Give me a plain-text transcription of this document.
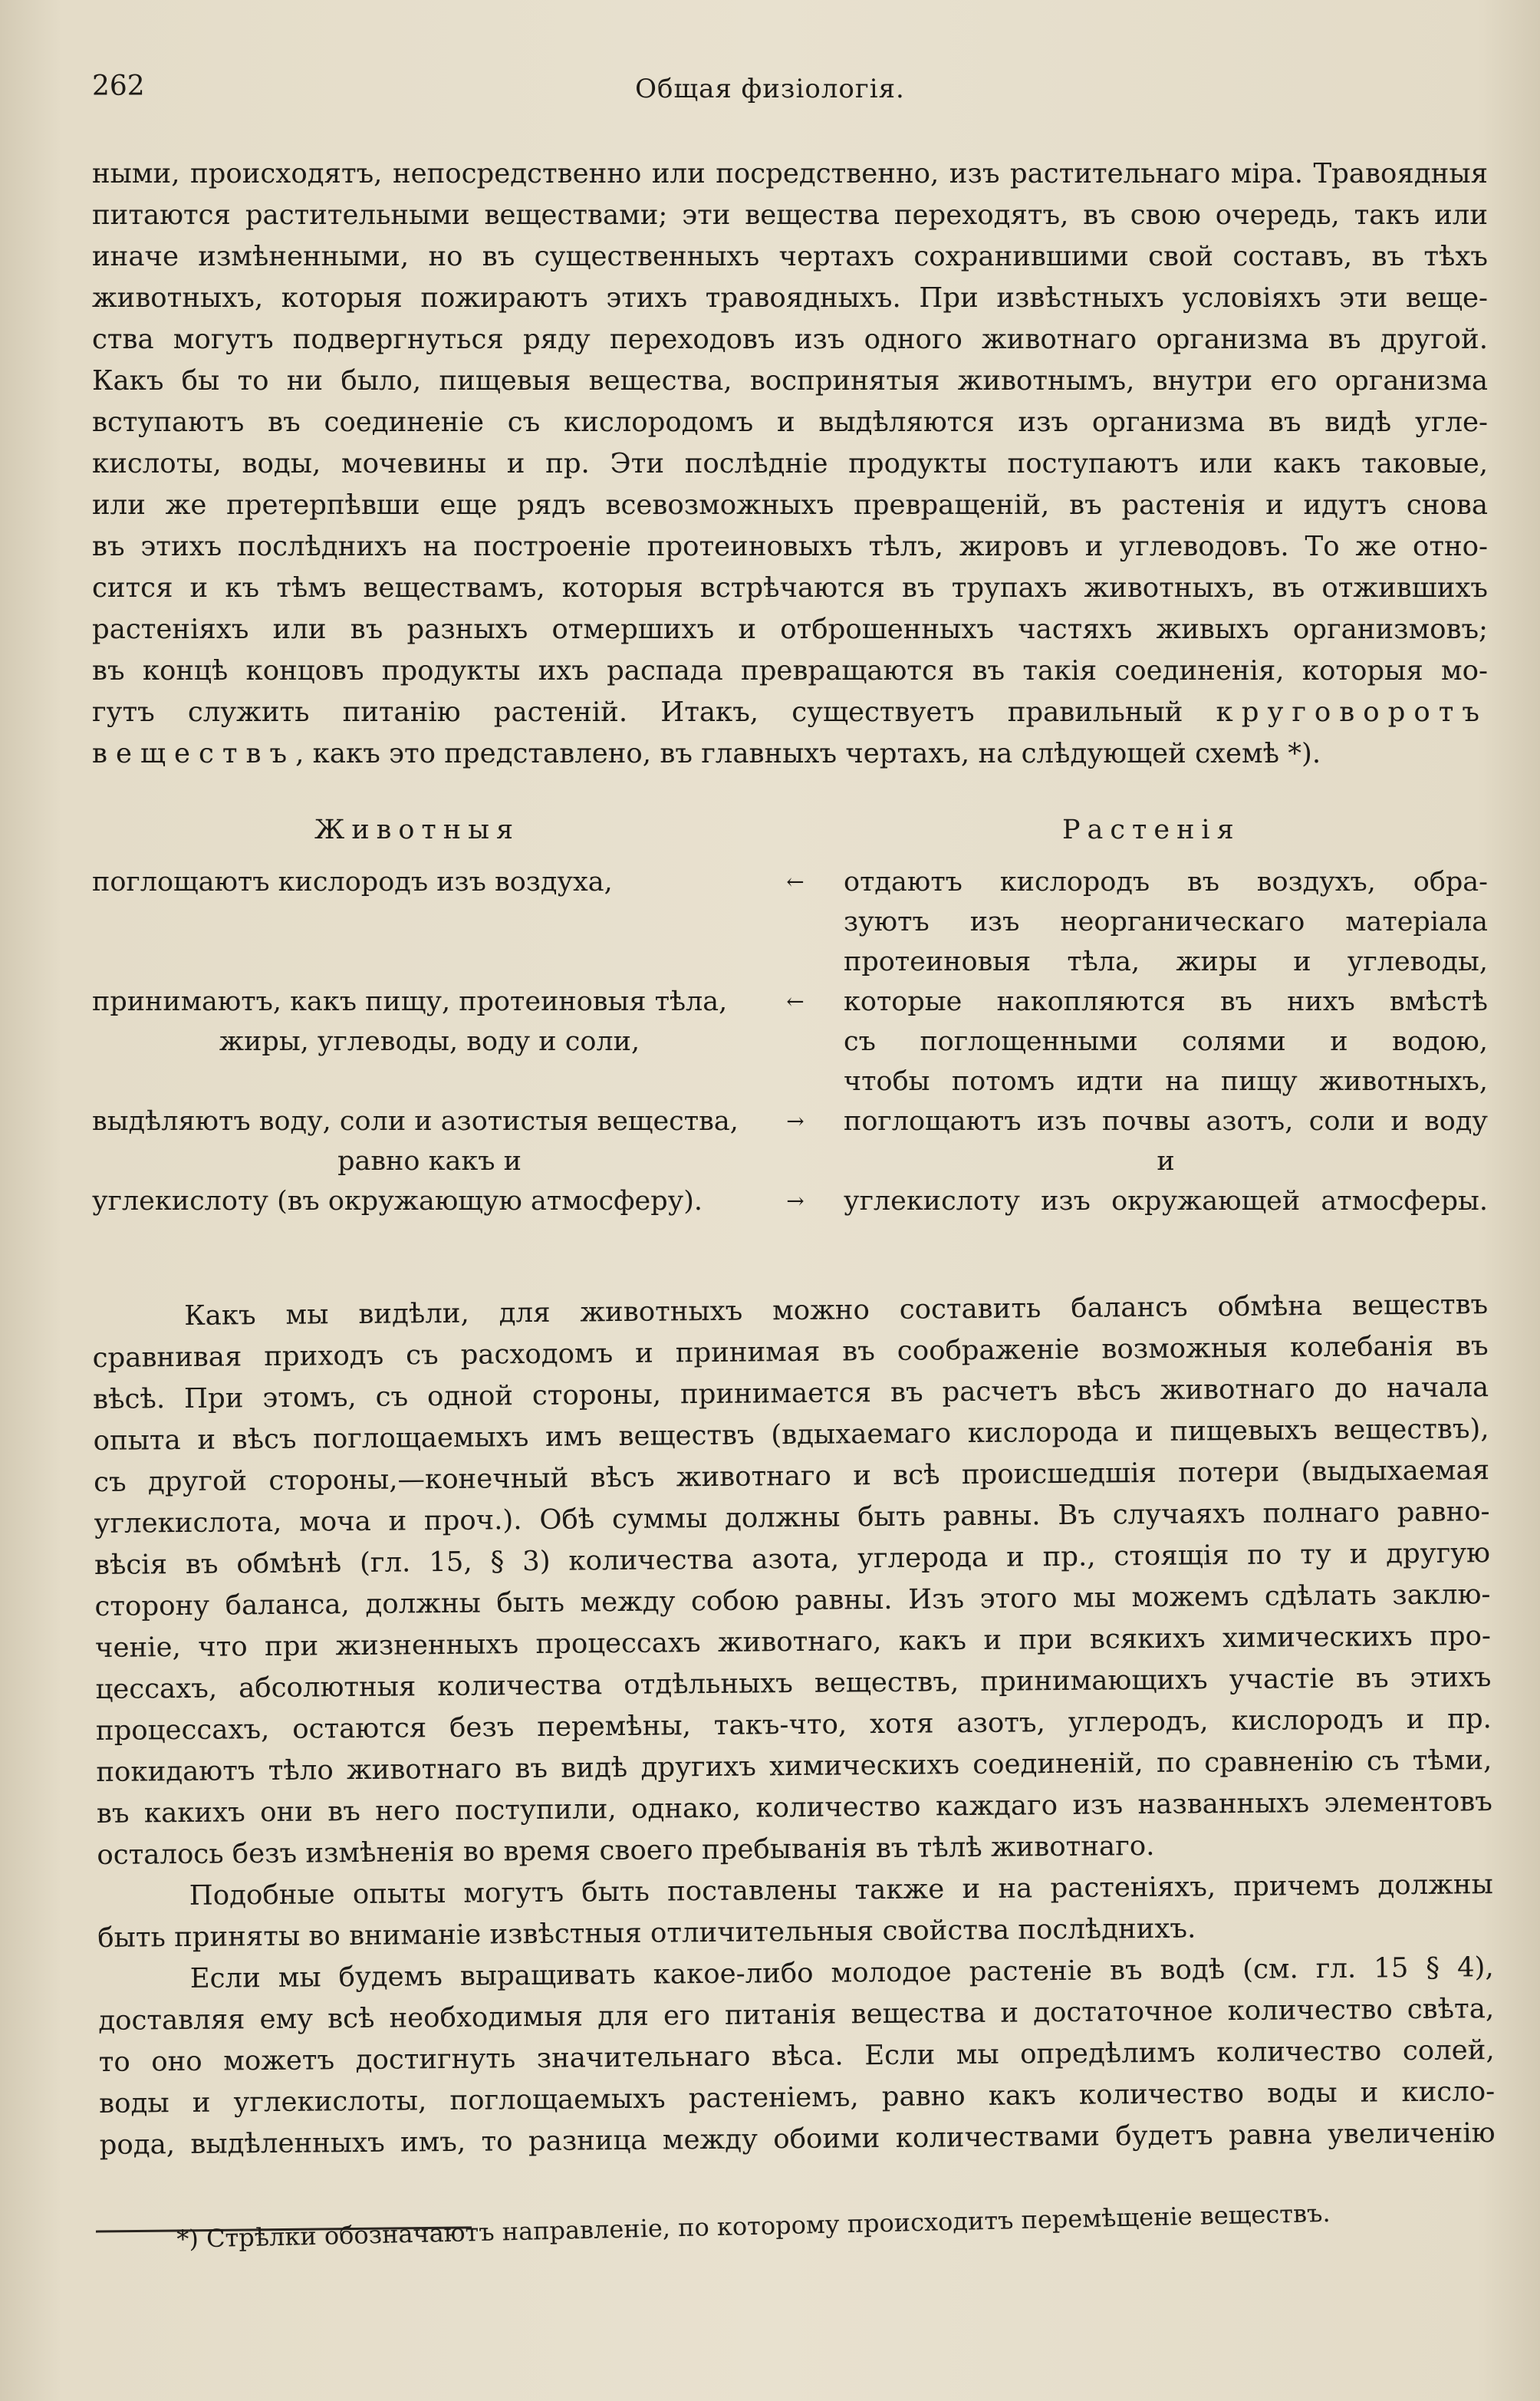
262	Общая физiологiя.

ными, происходятъ, непосредственно или посредственно, изъ растительнаго мiра. Травоядныя
питаются растительными веществами; эти вещества переходятъ, въ свою очередь, такъ или
иначе измѣненными, но въ существенныхъ чертахъ сохранившими свой составъ, въ тѣхъ
животныхъ, которыя пожираютъ этихъ травоядныхъ. При извѣстныхъ условiяхъ эти веще-
ства могутъ подвергнуться ряду переходовъ изъ одного животнаго организма въ другой.
Какъ бы то ни было, пищевыя вещества, воспринятыя животнымъ, внутри его организма
вступаютъ въ соединенiе съ кислородомъ и выдѣляются изъ организма въ видѣ угле-
кислоты, воды, мочевины и пр. Эти послѣднiе продукты поступаютъ или какъ таковые,
или же претерпѣвши еще рядъ всевозможныхъ превращенiй, въ растенiя и идутъ снова
въ этихъ послѣднихъ на построенiе протеиновыхъ тѣлъ, жировъ и углеводовъ. То же отно-
сится и къ тѣмъ веществамъ, которыя встрѣчаются въ трупахъ животныхъ, въ отжившихъ
растенiяхъ или въ разныхъ отмершихъ и отброшенныхъ частяхъ живыхъ организмовъ;
въ концѣ концовъ продукты ихъ распада превращаются въ такiя соединенiя, которыя мо-
гутъ служить питанiю растенiй. Итакъ, существуетъ правильный круговоротъ
веществъ, какъ это представлено, въ главныхъ чертахъ, на слѣдующей схемѣ *).

Животныя	Растенiя
поглощаютъ кислородъ изъ воздуха,	←	отдаютъ кислородъ въ воздухъ, обра-
зуютъ изъ неорганическаго матерiала
протеиновыя тѣла, жиры и углеводы,
принимаютъ, какъ пищу, протеиновыя тѣла,	←	которые накопляются въ нихъ вмѣстѣ
жиры, углеводы, воду и соли,	съ поглощенными солями и водою,
чтобы потомъ идти на пищу животныхъ,
выдѣляютъ воду, соли и азотистыя вещества,	→	поглощаютъ изъ почвы азотъ, соли и воду
равно какъ и	и
углекислоту (въ окружающую атмосферу).	→	углекислоту изъ окружающей атмосферы.

Какъ мы видѣли, для животныхъ можно составить балансъ обмѣна веществъ
сравнивая приходъ съ расходомъ и принимая въ соображенiе возможныя колебанiя въ
вѣсѣ. При этомъ, съ одной стороны, принимается въ расчетъ вѣсъ животнаго до начала
опыта и вѣсъ поглощаемыхъ имъ веществъ (вдыхаемаго кислорода и пищевыхъ веществъ),
съ другой стороны,—конечный вѣсъ животнаго и всѣ происшедшiя потери (выдыхаемая
углекислота, моча и проч.). Обѣ суммы должны быть равны. Въ случаяхъ полнаго равно-
вѣсiя въ обмѣнѣ (гл. 15, § 3) количества азота, углерода и пр., стоящiя по ту и другую
сторону баланса, должны быть между собою равны. Изъ этого мы можемъ сдѣлать заклю-
ченiе, что при жизненныхъ процессахъ животнаго, какъ и при всякихъ химическихъ про-
цессахъ, абсолютныя количества отдѣльныхъ веществъ, принимающихъ участiе въ этихъ
процессахъ, остаются безъ перемѣны, такъ-что, хотя азотъ, углеродъ, кислородъ и пр.
покидаютъ тѣло животнаго въ видѣ другихъ химическихъ соединенiй, по сравненiю съ тѣми,
въ какихъ они въ него поступили, однако, количество каждаго изъ названныхъ элементовъ
осталось безъ измѣненiя во время своего пребыванiя въ тѣлѣ животнаго.

Подобные опыты могутъ быть поставлены также и на растенiяхъ, причемъ должны
быть приняты во вниманiе извѣстныя отличительныя свойства послѣднихъ.

Если мы будемъ выращивать какое-либо молодое растенiе въ водѣ (см. гл. 15 § 4),
доставляя ему всѣ необходимыя для его питанiя вещества и достаточное количество свѣта,
то оно можетъ достигнуть значительнаго вѣса. Если мы опредѣлимъ количество солей,
воды и углекислоты, поглощаемыхъ растенiемъ, равно какъ количество воды и кисло-
рода, выдѣленныхъ имъ, то разница между обоими количествами будетъ равна увеличенiю

*) Стрѣлки обозначаютъ направленiе, по которому происходитъ перемѣщенiе веществъ.
